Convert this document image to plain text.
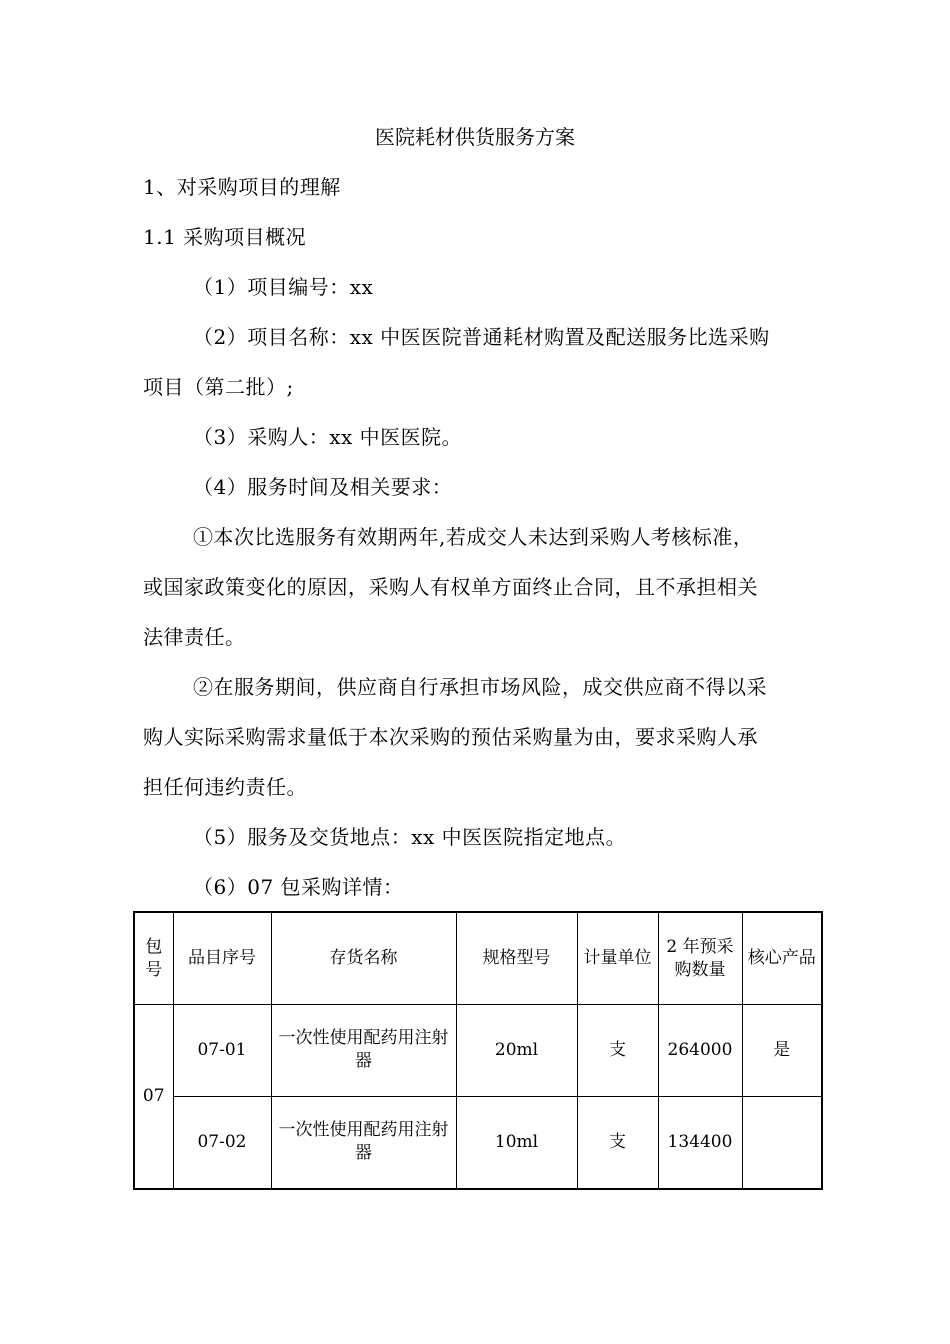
医院耗材供货服务方案
1、对采购项目的理解
1.1 采购项目概况
（1）项目编号：xx
（2）项目名称：xx 中医医院普通耗材购置及配送服务比选采购
项目（第二批）;
（3）采购人：xx 中医医院。
（4）服务时间及相关要求：
①本次比选服务有效期两年,若成交人未达到采购人考核标准，
或国家政策变化的原因，采购人有权单方面终止合同，且不承担相关
法律责任。
②在服务期间，供应商自行承担市场风险，成交供应商不得以采
购人实际采购需求量低于本次采购的预估采购量为由，要求采购人承
担任何违约责任。
（5）服务及交货地点：xx 中医医院指定地点。
（6）07 包采购详情：
包号	品目序号	存货名称	规格型号	计量单位	2 年预采购数量	核心产品
07	07-01	一次性使用配药用注射器	20ml	支	264000	是
	07-02	一次性使用配药用注射器	10ml	支	134400	
